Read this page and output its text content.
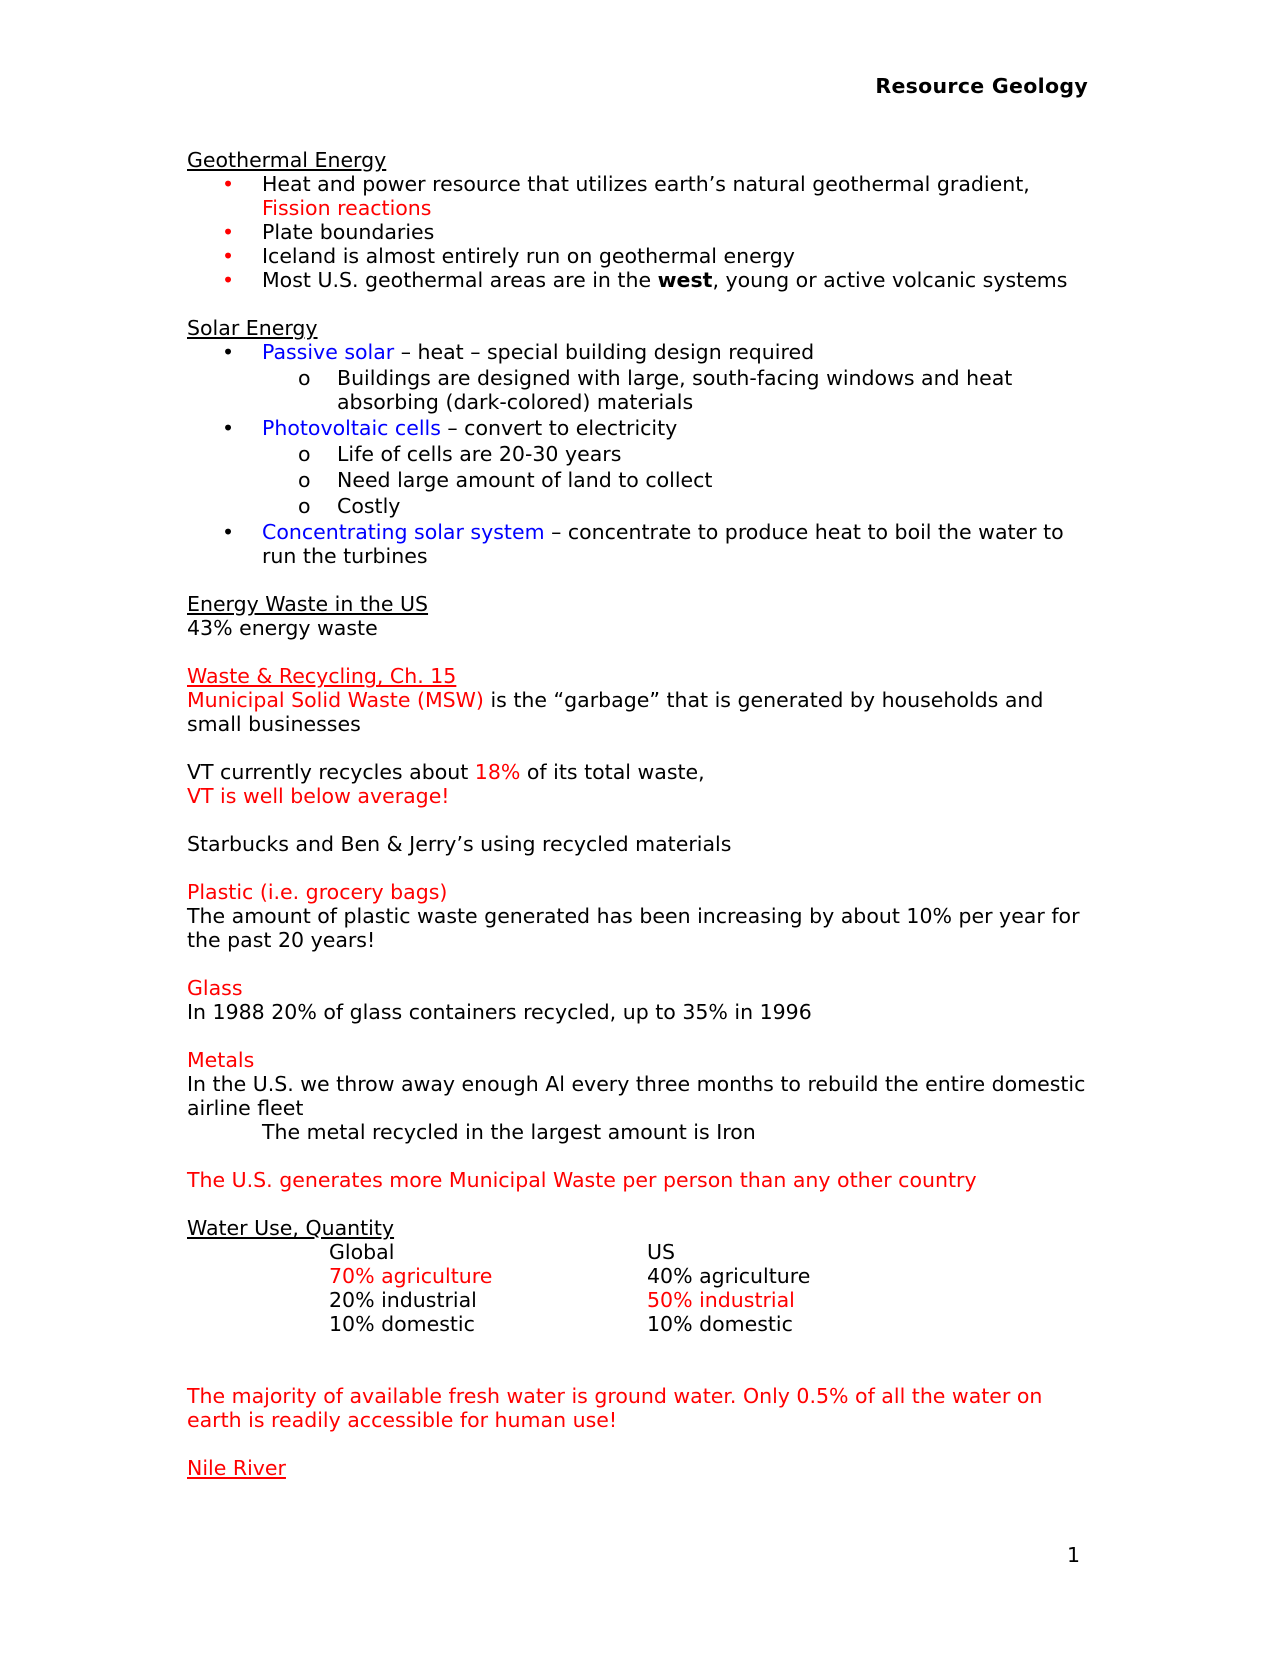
Resource Geology

Geothermal Energy

• Heat and power resource that utilizes earth’s natural geothermal gradient,
Fission reactions
• Plate boundaries
• Iceland is almost entirely run on geothermal energy
• Most U.S. geothermal areas are in the west, young or active volcanic systems

Solar Energy

• Passive solar – heat – special building design required
o Buildings are designed with large, south-facing windows and heat absorbing (dark-colored) materials
• Photovoltaic cells – convert to electricity
o Life of cells are 20-30 years
o Need large amount of land to collect
o Costly
• Concentrating solar system – concentrate to produce heat to boil the water to run the turbines

Energy Waste in the US

43% energy waste

Waste & Recycling, Ch. 15

Municipal Solid Waste (MSW) is the “garbage” that is generated by households and small businesses

VT currently recycles about 18% of its total waste,

VT is well below average!

Starbucks and Ben & Jerry’s using recycled materials

Plastic (i.e. grocery bags)

The amount of plastic waste generated has been increasing by about 10% per year for the past 20 years!

Glass

In 1988 20% of glass containers recycled, up to 35% in 1996

Metals

In the U.S. we throw away enough Al every three months to rebuild the entire domestic airline fleet

The metal recycled in the largest amount is Iron

The U.S. generates more Municipal Waste per person than any other country

Water Use, Quantity

Global	US
70% agriculture	40% agriculture
20% industrial	50% industrial
10% domestic	10% domestic

The majority of available fresh water is ground water. Only 0.5% of all the water on earth is readily accessible for human use!

Nile River

1
